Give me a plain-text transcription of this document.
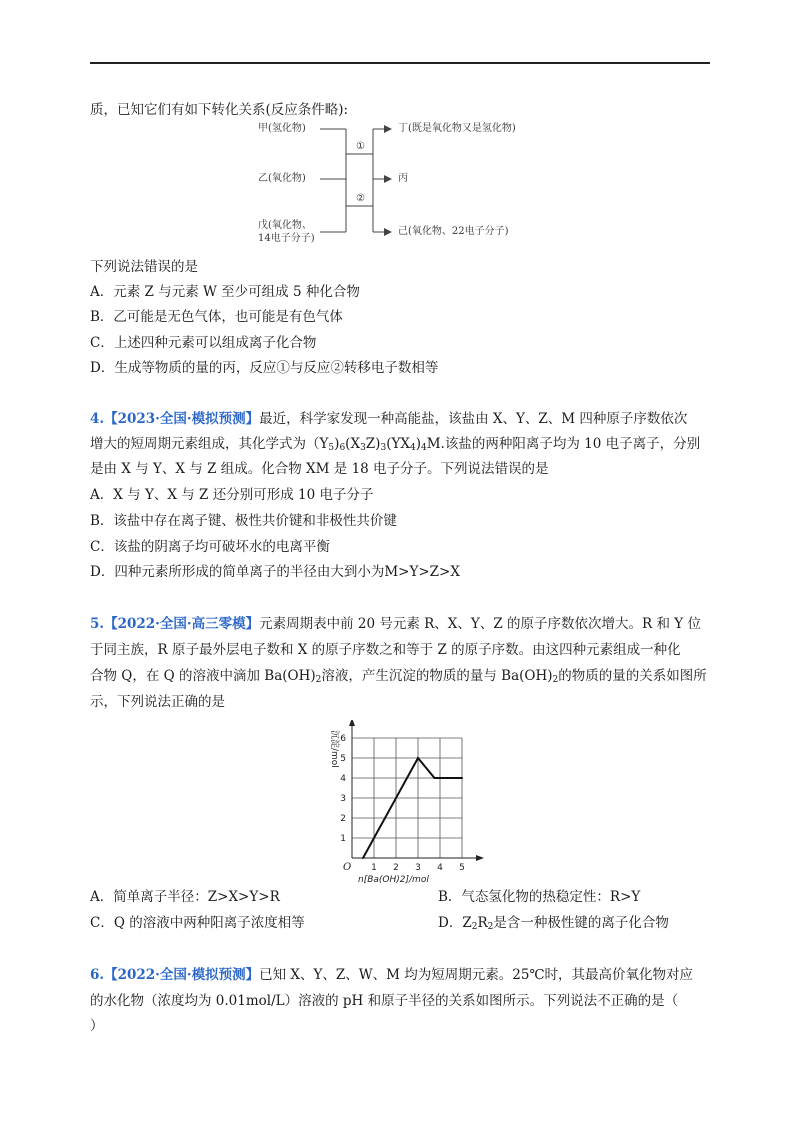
质，已知它们有如下转化关系(反应条件略):
甲(氢化物)
乙(氧化物)
戊(氧化物、
14电子分子)
丁(既是氧化物又是氢化物)
丙
己(氧化物、22电子分子)
①
②
下列说法错误的是
A．元素 Z 与元素 W 至少可组成 5 种化合物
B．乙可能是无色气体，也可能是有色气体
C．上述四种元素可以组成离子化合物
D．生成等物质的量的丙，反应①与反应②转移电子数相等
4.【2023·全国·模拟预测】最近，科学家发现一种高能盐，该盐由 X、Y、Z、M 四种原子序数依次
增大的短周期元素组成，其化学式为$(Y_5)_6(X_3Z)_3(YX_4)_4M$.该盐的两种阳离子均为 10 电子离子，分别
是由 X 与 Y、X 与 Z 组成。化合物 XM 是 18 电子分子。下列说法错误的是
A．X 与 Y、X 与 Z 还分别可形成 10 电子分子
B．该盐中存在离子键、极性共价键和非极性共价键
C．该盐的阴离子均可破坏水的电离平衡
D．四种元素所形成的简单离子的半径由大到小为M>Y>Z>X
5.【2022·全国·高三零模】元素周期表中前 20 号元素 R、X、Y、Z 的原子序数依次增大。R 和 Y 位
于同主族，R 原子最外层电子数和 X 的原子序数之和等于 Z 的原子序数。由这四种元素组成一种化
合物 Q，在 Q 的溶液中滴加 $Ba(OH)_2$溶液，产生沉淀的物质的量与 $Ba(OH)_2$的物质的量的关系如图所
示，下列说法正确的是
1 2 3 4 5
1
2
3
4
5
6
O
n[Ba(OH)2]/mol
沉淀/mol
A．简单离子半径：Z>X>Y>R	B．气态氢化物的热稳定性：R>Y
C．Q 的溶液中两种阳离子浓度相等	D．$Z_2R_2$是含一种极性键的离子化合物
6.【2022·全国·模拟预测】已知 X、Y、Z、W、M 均为短周期元素。25℃时，其最高价氧化物对应
的水化物（浓度均为 0.01mol/L）溶液的 pH 和原子半径的关系如图所示。下列说法不正确的是（
）
